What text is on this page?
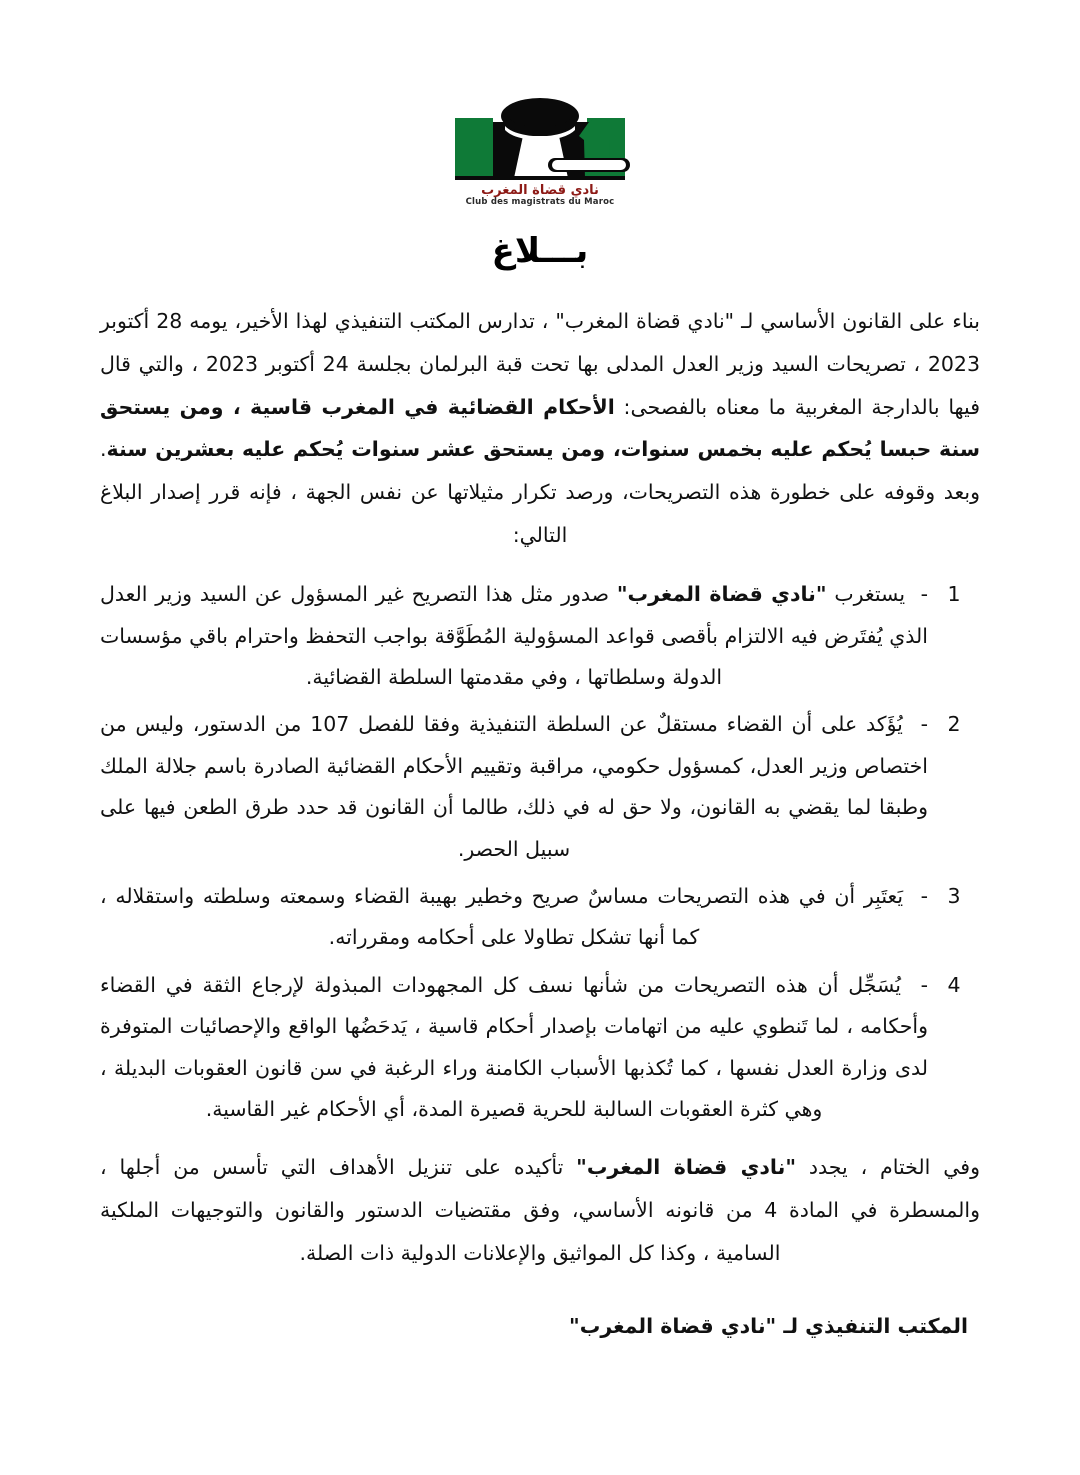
نادي قضاة المغرب
Club des magistrats du Maroc
بـــلاغ

بناء على القانون الأساسي لـ "نادي قضاة المغرب" ، تدارس المكتب التنفيذي لهذا الأخير، يومه 28 أكتوبر 2023 ، تصريحات السيد وزير العدل المدلى بها تحت قبة البرلمان بجلسة 24 أكتوبر 2023 ، والتي قال فيها بالدارجة المغربية ما معناه بالفصحى: الأحكام القضائية في المغرب قاسية ، ومن يستحق سنة حبسا يُحكم عليه بخمس سنوات، ومن يستحق عشر سنوات يُحكم عليه بعشرين سنة. وبعد وقوفه على خطورة هذه التصريحات، ورصد تكرار مثيلاتها عن نفس الجهة ، فإنه قرر إصدار البلاغ التالي:

1
-  يستغرب "نادي قضاة المغرب" صدور مثل هذا التصريح غير المسؤول عن السيد وزير العدل الذي يُفتَرض فيه الالتزام بأقصى قواعد المسؤولية المُطَوَّقة بواجب التحفظ واحترام باقي مؤسسات الدولة وسلطاتها ، وفي مقدمتها السلطة القضائية.
2
-  يُؤَكد على أن القضاء مستقلٌ عن السلطة التنفيذية وفقا للفصل 107 من الدستور، وليس من اختصاص وزير العدل، كمسؤول حكومي، مراقبة وتقييم الأحكام القضائية الصادرة باسم جلالة الملك وطبقا لما يقضي به القانون، ولا حق له في ذلك، طالما أن القانون قد حدد طرق الطعن فيها على سبيل الحصر.
3
-  يَعتَبِر أن في هذه التصريحات مساسٌ صريح وخطير بهيبة القضاء وسمعته وسلطته واستقلاله ، كما أنها تشكل تطاولا على أحكامه ومقرراته.
4
-  يُسَجِّل أن هذه التصريحات من شأنها نسف كل المجهودات المبذولة لإرجاع الثقة في القضاء وأحكامه ، لما تَنطوي عليه من اتهامات بإصدار أحكام قاسية ، يَدحَضُها الواقع والإحصائيات المتوفرة لدى وزارة العدل نفسها ، كما تُكذبها الأسباب الكامنة وراء الرغبة في سن قانون العقوبات البديلة ، وهي كثرة العقوبات السالبة للحرية قصيرة المدة، أي الأحكام غير القاسية.
وفي الختام ، يجدد "نادي قضاة المغرب" تأكيده على تنزيل الأهداف التي تأسس من أجلها ، والمسطرة في المادة 4 من قانونه الأساسي، وفق مقتضيات الدستور والقانون والتوجيهات الملكية السامية ، وكذا كل المواثيق والإعلانات الدولية ذات الصلة.
المكتب التنفيذي لـ "نادي قضاة المغرب"
